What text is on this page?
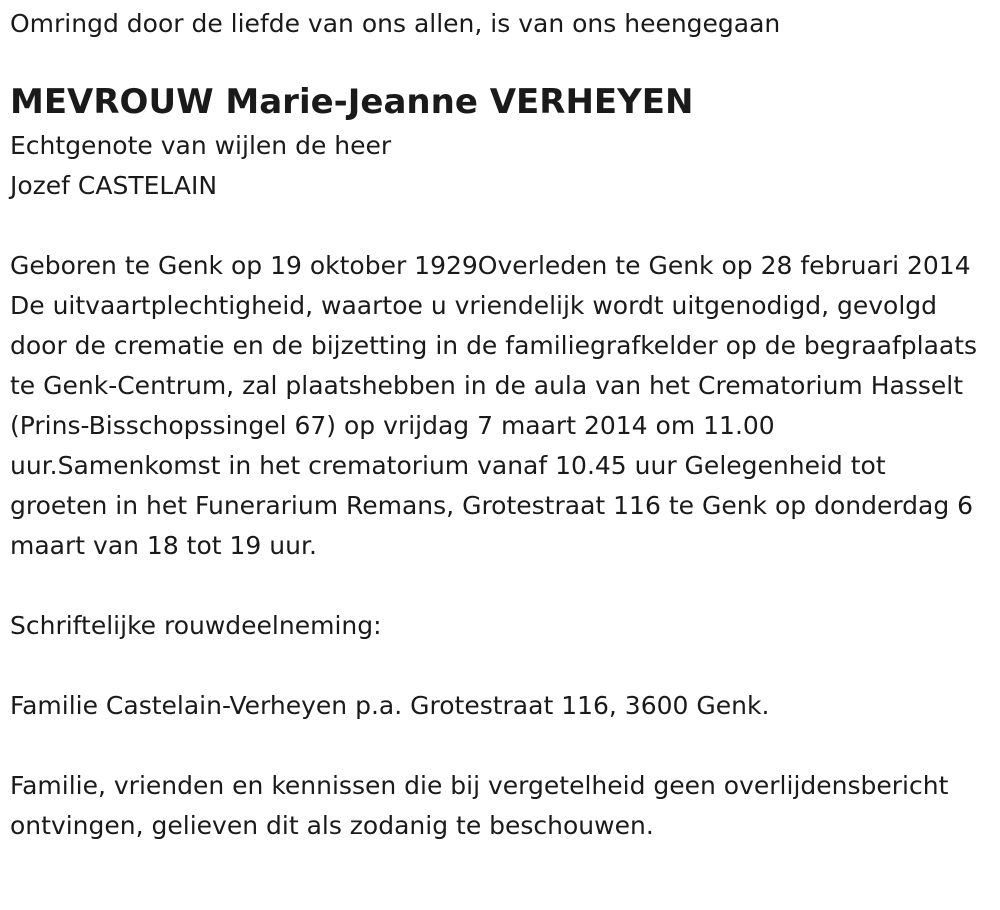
Omringd door de liefde van ons allen, is van ons heengegaan

MEVROUW Marie-Jeanne VERHEYEN

Echtgenote van wijlen de heer

Jozef CASTELAIN

Geboren te Genk op 19 oktober 1929Overleden te Genk op 28 februari 2014

De uitvaartplechtigheid, waartoe u vriendelijk wordt uitgenodigd, gevolgd door de crematie en de bijzetting in de familiegrafkelder op de begraafplaats te Genk-Centrum, zal plaatshebben in de aula van het Crematorium Hasselt (Prins-Bisschopssingel 67) op vrijdag 7 maart 2014 om 11.00 uur.Samenkomst in het crematorium vanaf 10.45 uur Gelegenheid tot groeten in het Funerarium Remans, Grotestraat 116 te Genk op donderdag 6 maart van 18 tot 19 uur.

Schriftelijke rouwdeelneming:

Familie Castelain-Verheyen p.a. Grotestraat 116, 3600 Genk.

Familie, vrienden en kennissen die bij vergetelheid geen overlijdensbericht ontvingen, gelieven dit als zodanig te beschouwen.
